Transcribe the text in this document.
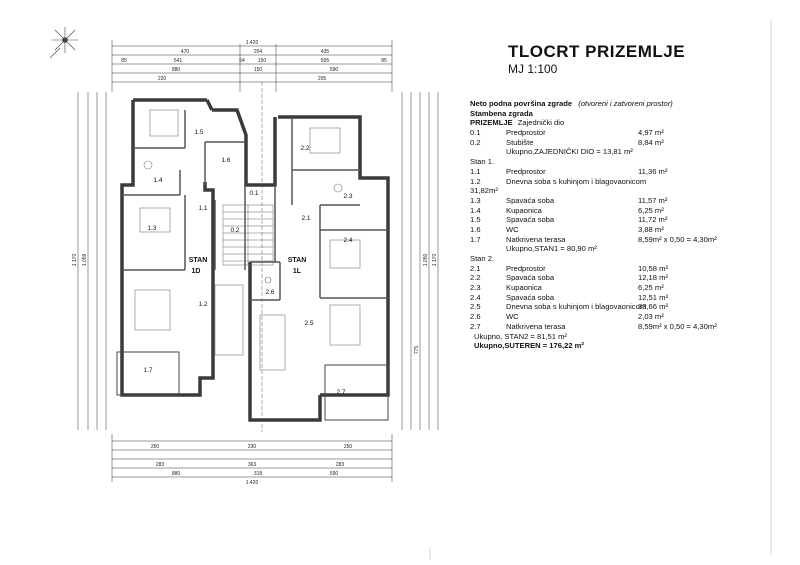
1.420
880	150	590
470	204	435
541	54	150	505
85	85
220	205
250	230	250
283	363	283
880	318	590
1.420
1.170 1.059	1.170
1.050
775
1.5
1.6
1.4
1.3
1.1
0.1
0.2
1.2
1.7
2.2
2.3
2.1
2.4
2.6
2.5
2.7
STAN
1D
STAN
1L
TLOCRT PRIZEMLJE
MJ 1:100
Neto podna površina zgrade (otvoreni i zatvoreni prostor)
Stambena zgrada
PRIZEMLJE Zajednički dio
0.1	Predprostor	4,97 m²
0.2	Stubište	8,84 m²
Ukupno,ZAJEDNIČKI DIO = 13,81 m²
Stan 1.
1.1	Predprostor	11,36 m²
1.2	Dnevna soba s kuhinjom i blagovaonicom
31,82m²
1.3	Spavaća soba	11,57 m²
1.4	Kupaonica	6,25 m²
1.5	Spavaća soba	11,72 m²
1.6	WC	3,88 m²
1.7	Natkrivena terasa	8,59m² x 0,50 = 4,30m²
Ukupno,STAN1 = 80,90 m²
Stan 2.
2.1	Predprostor	10,58 m²
2.2	Spavaća soba	12,18 m²
2.3	Kupaonica	6,25 m²
2.4	Spavaća soba	12,51 m²
2.5	Dnevna soba s kuhinjom i blagovaonicom
33,66 m²
2.6	WC	2,03 m²
2.7	Natkrivena terasa	8,59m² x 0,50 = 4,30m²
Ukupno, STAN2 = 81,51 m²
Ukupno,SUTEREN = 176,22 m²
